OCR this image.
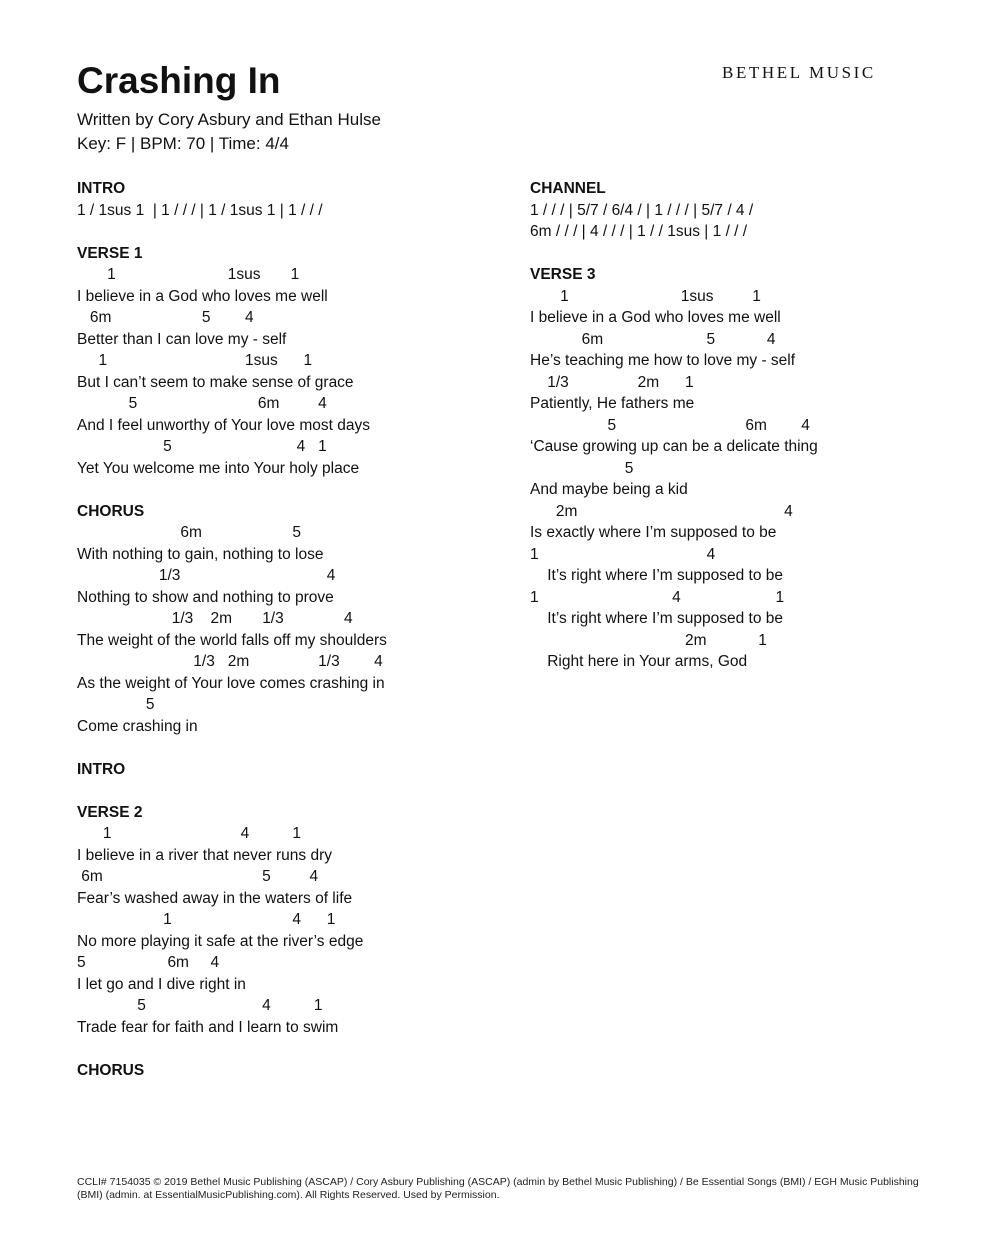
Crashing In	BETHEL MUSIC
Written by Cory Asbury and Ethan Hulse
Key: F | BPM: 70 | Time: 4/4
INTRO
1 / 1sus 1  | 1 / / / | 1 / 1sus 1 | 1 / / /
VERSE 1
1                          1sus       1
I believe in a God who loves me well
6m                     5        4
Better than I can love my - self
1                                1sus      1
But I can’t seem to make sense of grace
5                            6m         4
And I feel unworthy of Your love most days
5                             4   1
Yet You welcome me into Your holy place
CHORUS
6m                     5
With nothing to gain, nothing to lose
1/3                                  4
Nothing to show and nothing to prove
1/3    2m       1/3              4
The weight of the world falls off my shoulders
1/3   2m                1/3        4
As the weight of Your love comes crashing in
5
Come crashing in
INTRO
VERSE 2
1                              4          1
I believe in a river that never runs dry
6m                                     5         4
Fear’s washed away in the waters of life
1                            4      1
No more playing it safe at the river’s edge
5                   6m     4
I let go and I dive right in
5                           4          1
Trade fear for faith and I learn to swim
CHORUS
CHANNEL
1 / / / | 5/7 / 6/4 / | 1 / / / | 5/7 / 4 /
6m / / / | 4 / / / | 1 / / 1sus | 1 / / /
VERSE 3
1                          1sus         1
I believe in a God who loves me well
6m                        5            4
He’s teaching me how to love my - self
1/3                2m      1
Patiently, He fathers me
5                              6m        4
‘Cause growing up can be a delicate thing
5
And maybe being a kid
2m                                                4
Is exactly where I’m supposed to be
1                                       4
It’s right where I’m supposed to be
1                               4                      1
It’s right where I’m supposed to be
2m            1
Right here in Your arms, God
CCLI# 7154035 © 2019 Bethel Music Publishing (ASCAP) / Cory Asbury Publishing (ASCAP) (admin by Bethel Music Publishing) / Be Essential Songs (BMI) / EGH Music Publishing (BMI) (admin. at EssentialMusicPublishing.com). All Rights Reserved. Used by Permission.
